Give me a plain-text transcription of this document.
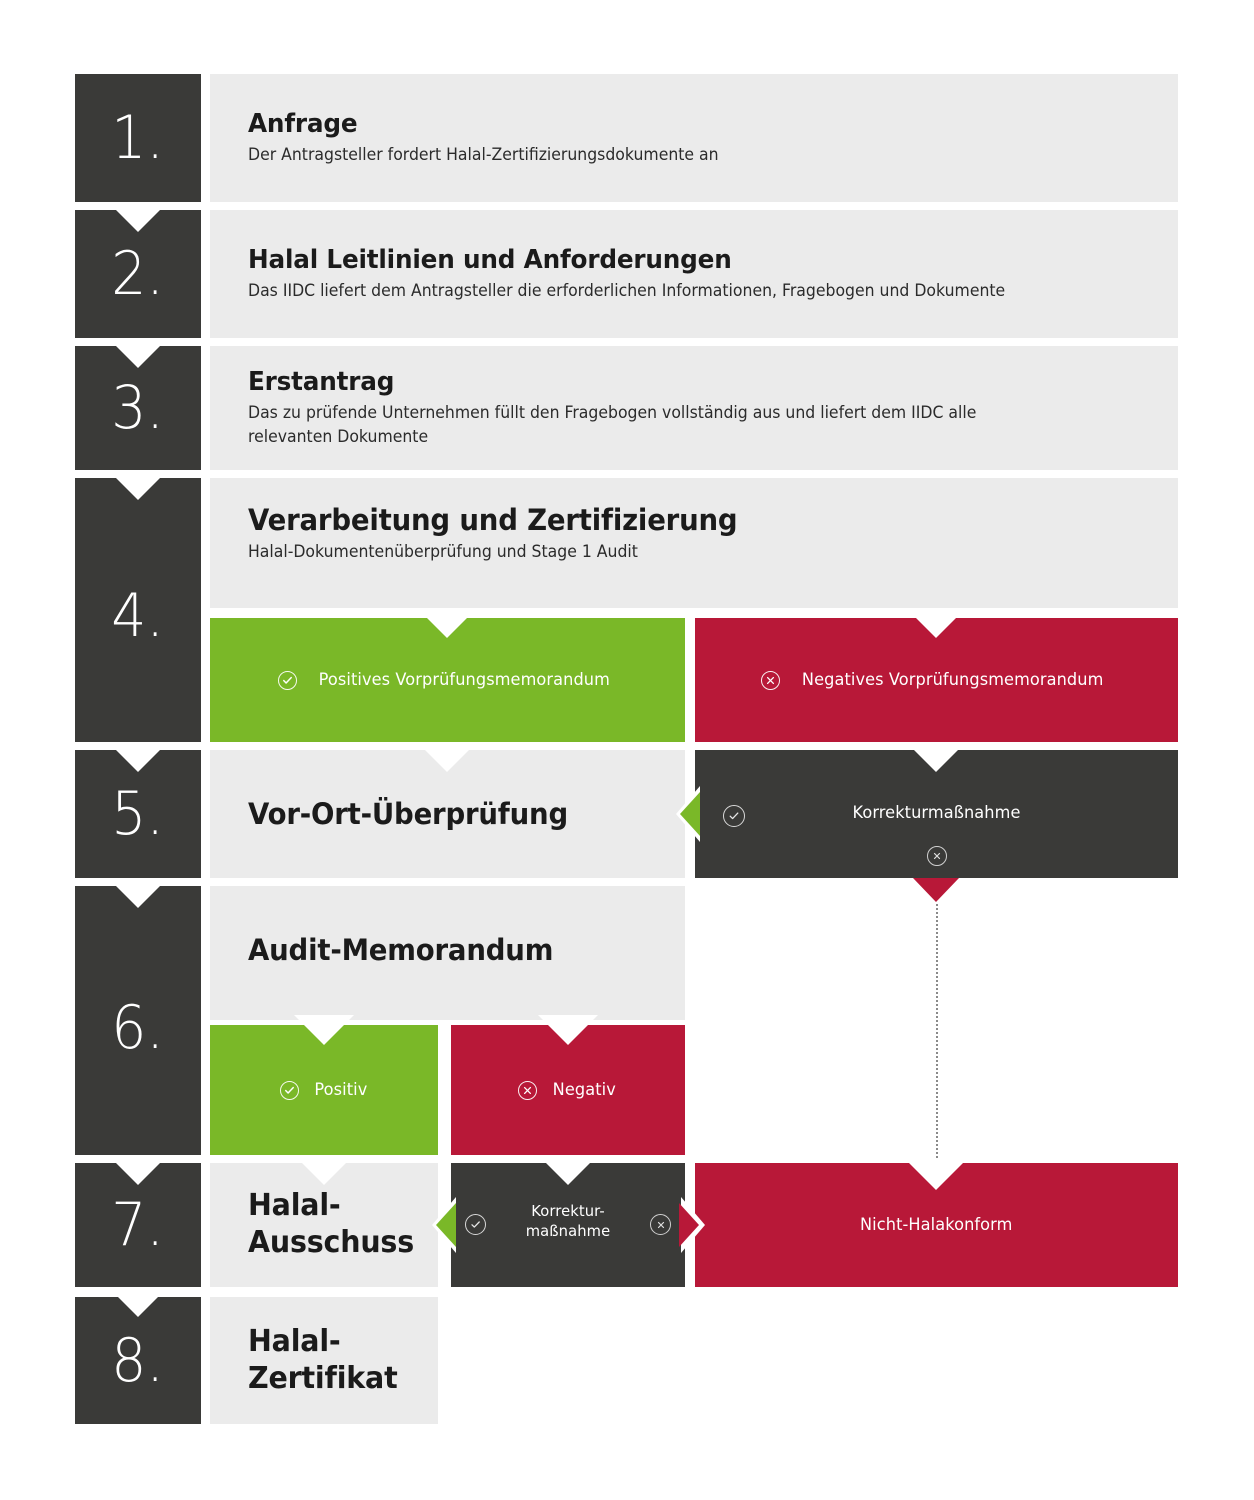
1.	Anfrage

Der Antragsteller fordert Halal-Zertifizierungsdokumente an

2.	Halal Leitlinien und Anforderungen

Das IIDC liefert dem Antragsteller die erforderlichen Informationen, Fragebogen und Dokumente

3.	Erstantrag

Das zu prüfende Unternehmen füllt den Fragebogen vollständig aus und liefert dem IIDC alle relevanten Dokumente

4.
Verarbeitung und Zertifizierung

Halal-Dokumentenüberprüfung und Stage 1 Audit

Positives Vorprüfungsmemorandum	Negatives Vorprüfungsmemorandum
5.	Vor-Ort-Überprüfung	Korrekturmaßnahme
6.
Audit-Memorandum
Positiv	Negativ
7.	Halal-
Ausschuss
Korrektur-
maßnahme	Nicht-Halakonform
8.	Halal-
Zertifikat
